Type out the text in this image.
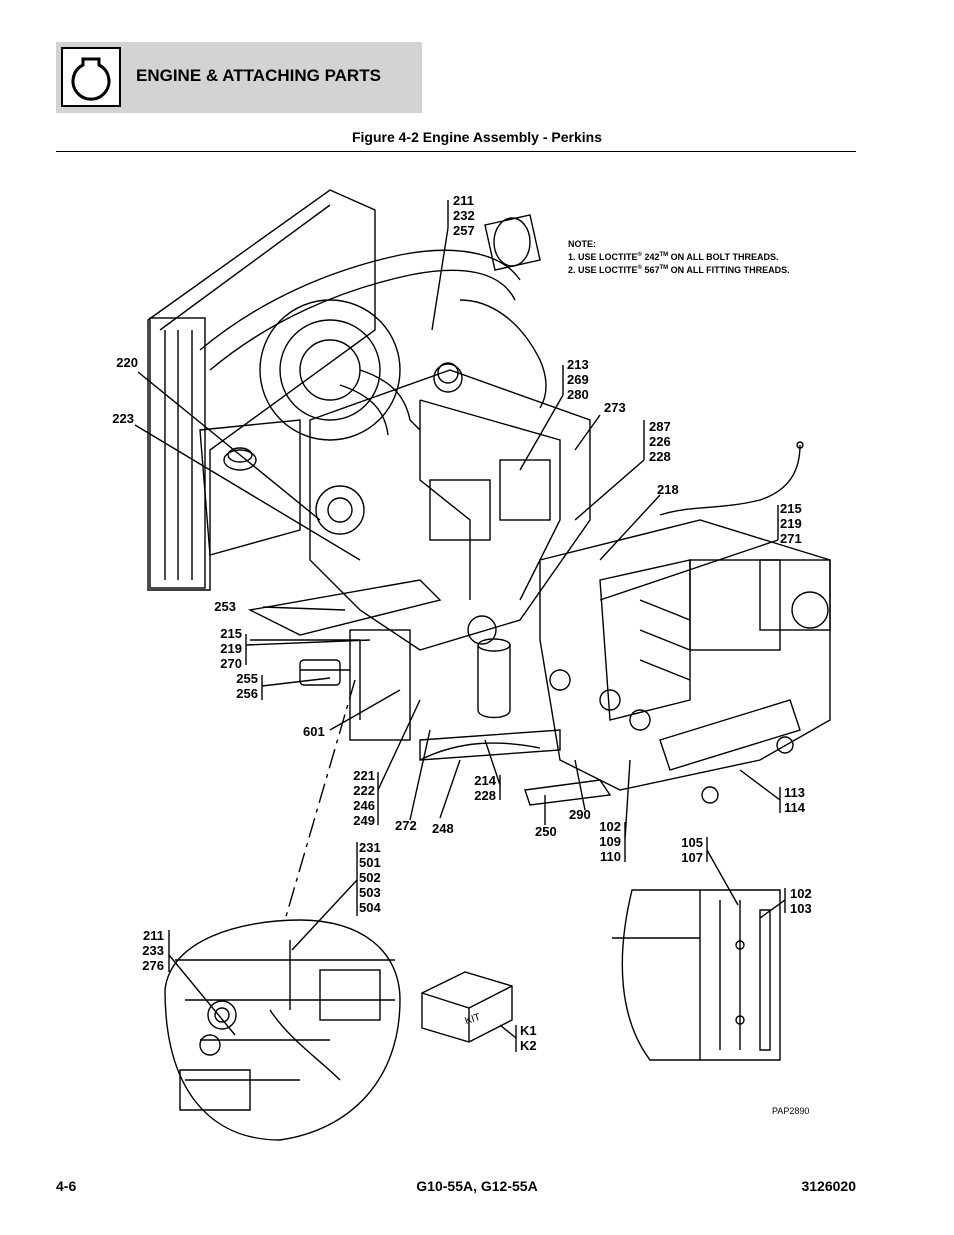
ENGINE & ATTACHING PARTS
Figure 4-2 Engine Assembly - Perkins
NOTE:
1. USE LOCTITE® 242™ ON ALL BOLT THREADS.
2. USE LOCTITE® 567™ ON ALL FITTING THREADS.
211
232
257
220
223
213
269
280
273
287
226
228
218
215
219
271
253
215
219
270
255
256
601
221
222
246
249 272 248
214
228
250
290
102
109
110
113
114
105
107
231
501
502
503
504
102
103
211
233
276
K1
K2
KIT
PAP2890
4-6	G10-55A, G12-55A	3126020
